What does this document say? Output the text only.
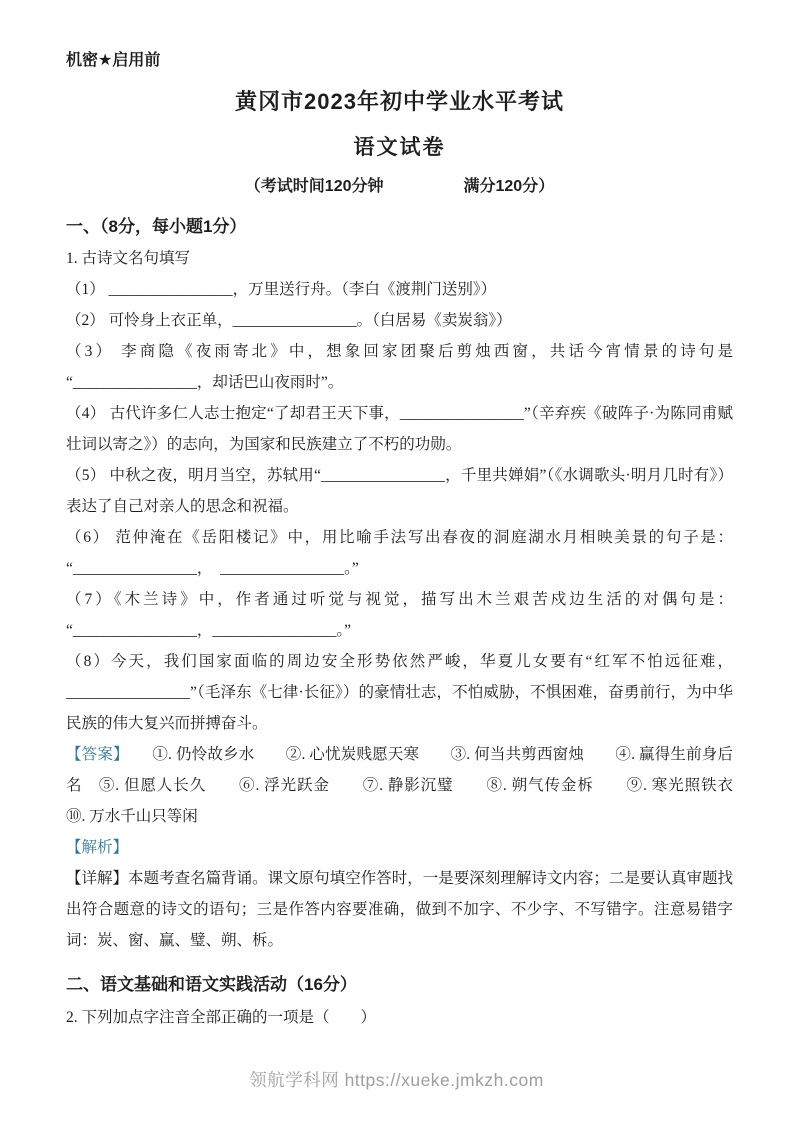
机密★启用前
黄冈市2023年初中学业水平考试
语文试卷
（考试时间120分钟　　　　　满分120分）
一、（8分，每小题1分）

1. 古诗文名句填写

（1） ________________，万里送行舟。（李白《渡荆门送别》）

（2） 可怜身上衣正单，________________。（白居易《卖炭翁》）

（3） 李商隐《夜雨寄北》中，想象回家团聚后剪烛西窗，共话今宵情景的诗句是“________________，却话巴山夜雨时”。

（4） 古代许多仁人志士抱定“了却君王天下事，________________”（辛弃疾《破阵子·为陈同甫赋壮词以寄之》）的志向，为国家和民族建立了不朽的功勋。

（5） 中秋之夜，明月当空，苏轼用“________________，千里共婵娟”（《水调歌头·明月几时有》）表达了自己对亲人的思念和祝福。

（6） 范仲淹在《岳阳楼记》中，用比喻手法写出春夜的洞庭湖水月相映美景的句子是：“________________，　________________。”

（7）《木兰诗》中，作者通过听觉与视觉，描写出木兰艰苦戍边生活的对偶句是：“________________，________________。”

（8）今天，我们国家面临的周边安全形势依然严峻，华夏儿女要有“红军不怕远征难，________________”（毛泽东《七律·长征》）的豪情壮志，不怕威胁，不惧困难，奋勇前行，为中华民族的伟大复兴而拼搏奋斗。

【答案】　　①. 仍怜故乡水　　②. 心忧炭贱愿天寒　　③. 何当共剪西窗烛　　④. 赢得生前身后名　⑤. 但愿人长久　　⑥. 浮光跃金　　⑦. 静影沉璧　　⑧. 朔气传金柝　　⑨. 寒光照铁衣　　⑩. 万水千山只等闲

【解析】

【详解】本题考查名篇背诵。课文原句填空作答时，一是要深刻理解诗文内容；二是要认真审题找出符合题意的诗文的语句；三是作答内容要准确，做到不加字、不少字、不写错字。注意易错字词：炭、窗、赢、璧、朔、柝。

二、语文基础和语文实践活动（16分）

2. 下列加点字注音全部正确的一项是（　　）

领航学科网 https://xueke.jmkzh.com
